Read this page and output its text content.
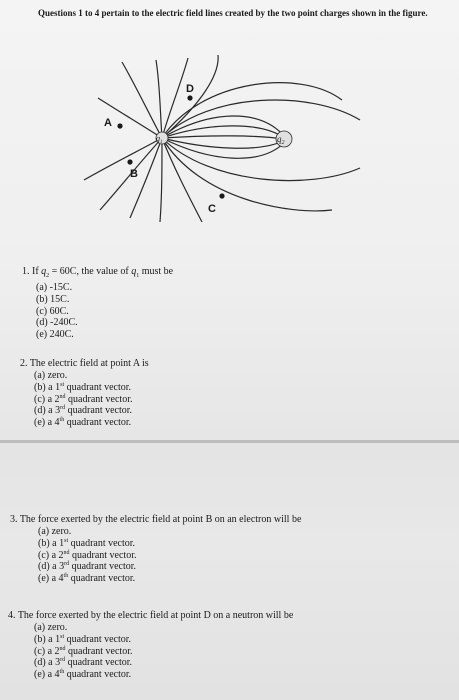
Questions 1 to 4 pertain to the electric field lines created by the two point charges shown in the figure.
$q_1$	$q_2$
A
B
C
D
1. If $q_2 = 60C$, the value of $q_1$ must be
(a) -15C.
(b) 15C.
(c) 60C.
(d) -240C.
(e) 240C.
2. The electric field at point A is
(a) zero.
(b) a 1st quadrant vector.
(c) a 2nd quadrant vector.
(d) a 3rd quadrant vector.
(e) a 4th quadrant vector.
3. The force exerted by the electric field at point B on an electron will be
(a) zero.
(b) a 1st quadrant vector.
(c) a 2nd quadrant vector.
(d) a 3rd quadrant vector.
(e) a 4th quadrant vector.
4. The force exerted by the electric field at point D on a neutron will be
(a) zero.
(b) a 1st quadrant vector.
(c) a 2nd quadrant vector.
(d) a 3rd quadrant vector.
(e) a 4th quadrant vector.
